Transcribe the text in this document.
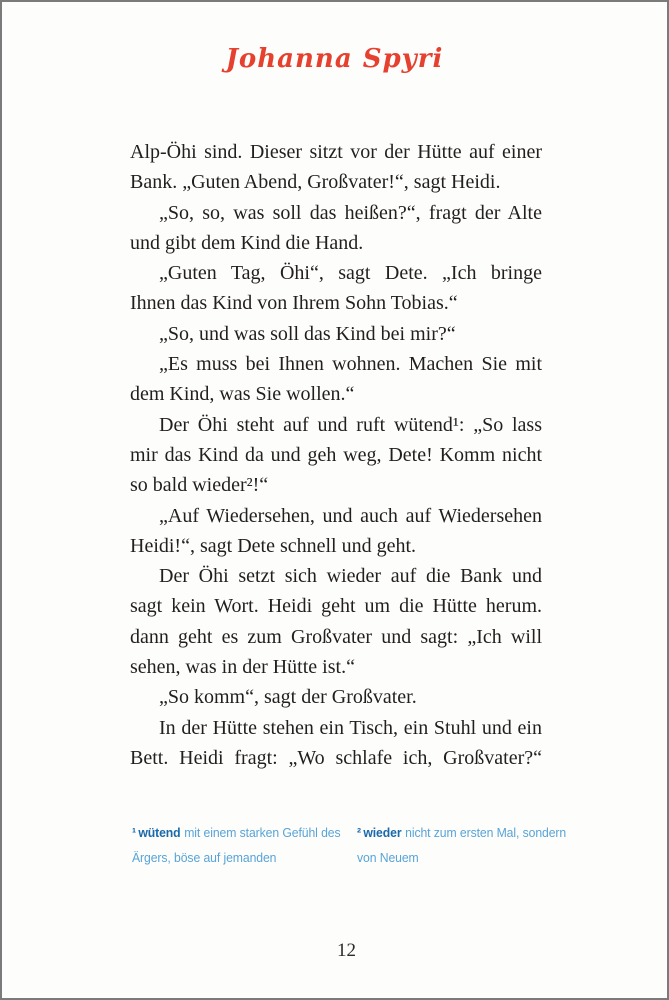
Johanna Spyri
Alp-Öhi sind. Dieser sitzt vor der Hütte auf einer
Bank. „Guten Abend, Großvater!“, sagt Heidi.
„So, so, was soll das heißen?“, fragt der Alte
und gibt dem Kind die Hand.
„Guten Tag, Öhi“, sagt Dete. „Ich bringe
Ihnen das Kind von Ihrem Sohn Tobias.“
„So, und was soll das Kind bei mir?“
„Es muss bei Ihnen wohnen. Machen Sie mit
dem Kind, was Sie wollen.“
Der Öhi steht auf und ruft wütend¹: „So lass
mir das Kind da und geh weg, Dete! Komm nicht
so bald wieder²!“
„Auf Wiedersehen, und auch auf Wiedersehen
Heidi!“, sagt Dete schnell und geht.
Der Öhi setzt sich wieder auf die Bank und
sagt kein Wort. Heidi geht um die Hütte herum.
dann geht es zum Großvater und sagt: „Ich will
sehen, was in der Hütte ist.“
„So komm“, sagt der Großvater.
In der Hütte stehen ein Tisch, ein Stuhl und ein
Bett. Heidi fragt: „Wo schlafe ich, Großvater?“
¹ wütend mit einem starken Gefühl des
Ärgers, böse auf jemanden
² wieder nicht zum ersten Mal, sondern
von Neuem
12
